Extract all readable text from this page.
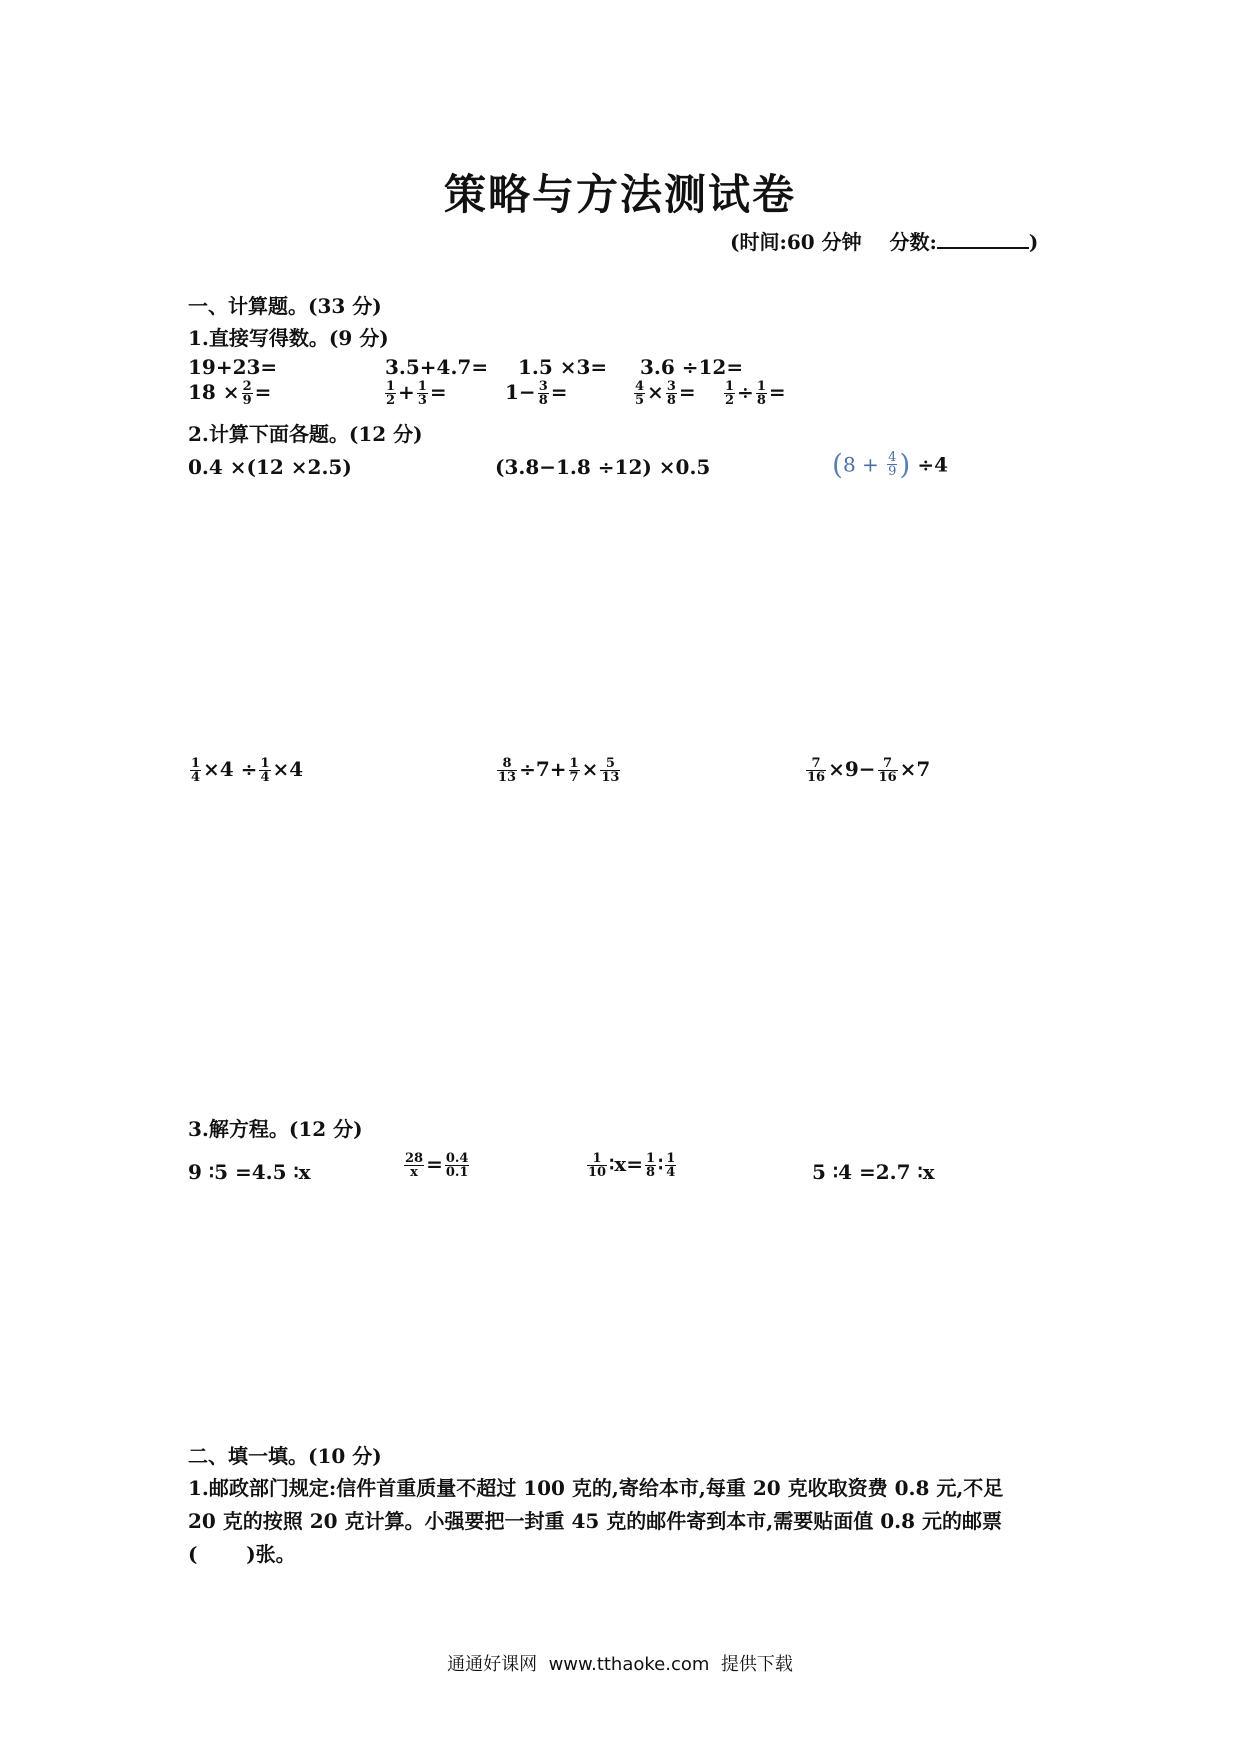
策略与方法测试卷
(时间:60 分钟 分数:	)
一、计算题。(33 分)
1.直接写得数。(9 分)
19+23=	3.5+4.7= 1.5 ×3= 3.6 ÷12=
$18 \times \frac{2}{9}$ =	$\frac{1}{2} + \frac{1}{3}$ =	$1- \frac{3}{8}$ =	$\frac{4}{5} \times \frac{3}{8} = \frac{1}{2} \div \frac{1}{8}$ =
2.计算下面各题。(12 分)
0.4 ×(12 ×2.5)	(3.8−1.8 ÷12) ×0.5	($8 + \frac{4}{9}$ ) ÷4
$\frac{1}{4} \times 4 \div \frac{1}{4} \times 4$	$\frac{8}{13} \div 7+ \frac{1}{7} \times \frac{5}{13}$	$\frac{7}{16} \times 9- \frac{7}{16} \times 7$
3.解方程。(12 分)
9 ∶5 =4.5 ∶x	$\frac{28}{x} = \frac{0.4}{0.1}$	$\frac{1}{10}$ ∶x= $\frac{1}{8}$ ∶ $\frac{1}{4}$	5 ∶4 =2.7 ∶x
二、填一填。(10 分)
1.邮政部门规定:信件首重质量不超过 100 克的,寄给本市,每重 20 克收取资费 0.8 元,不足
20 克的按照 20 克计算。小强要把一封重 45 克的邮件寄到本市,需要贴面值 0.8 元的邮票
(       )张。
通通好课网  www.tthaoke.com  提供下载
